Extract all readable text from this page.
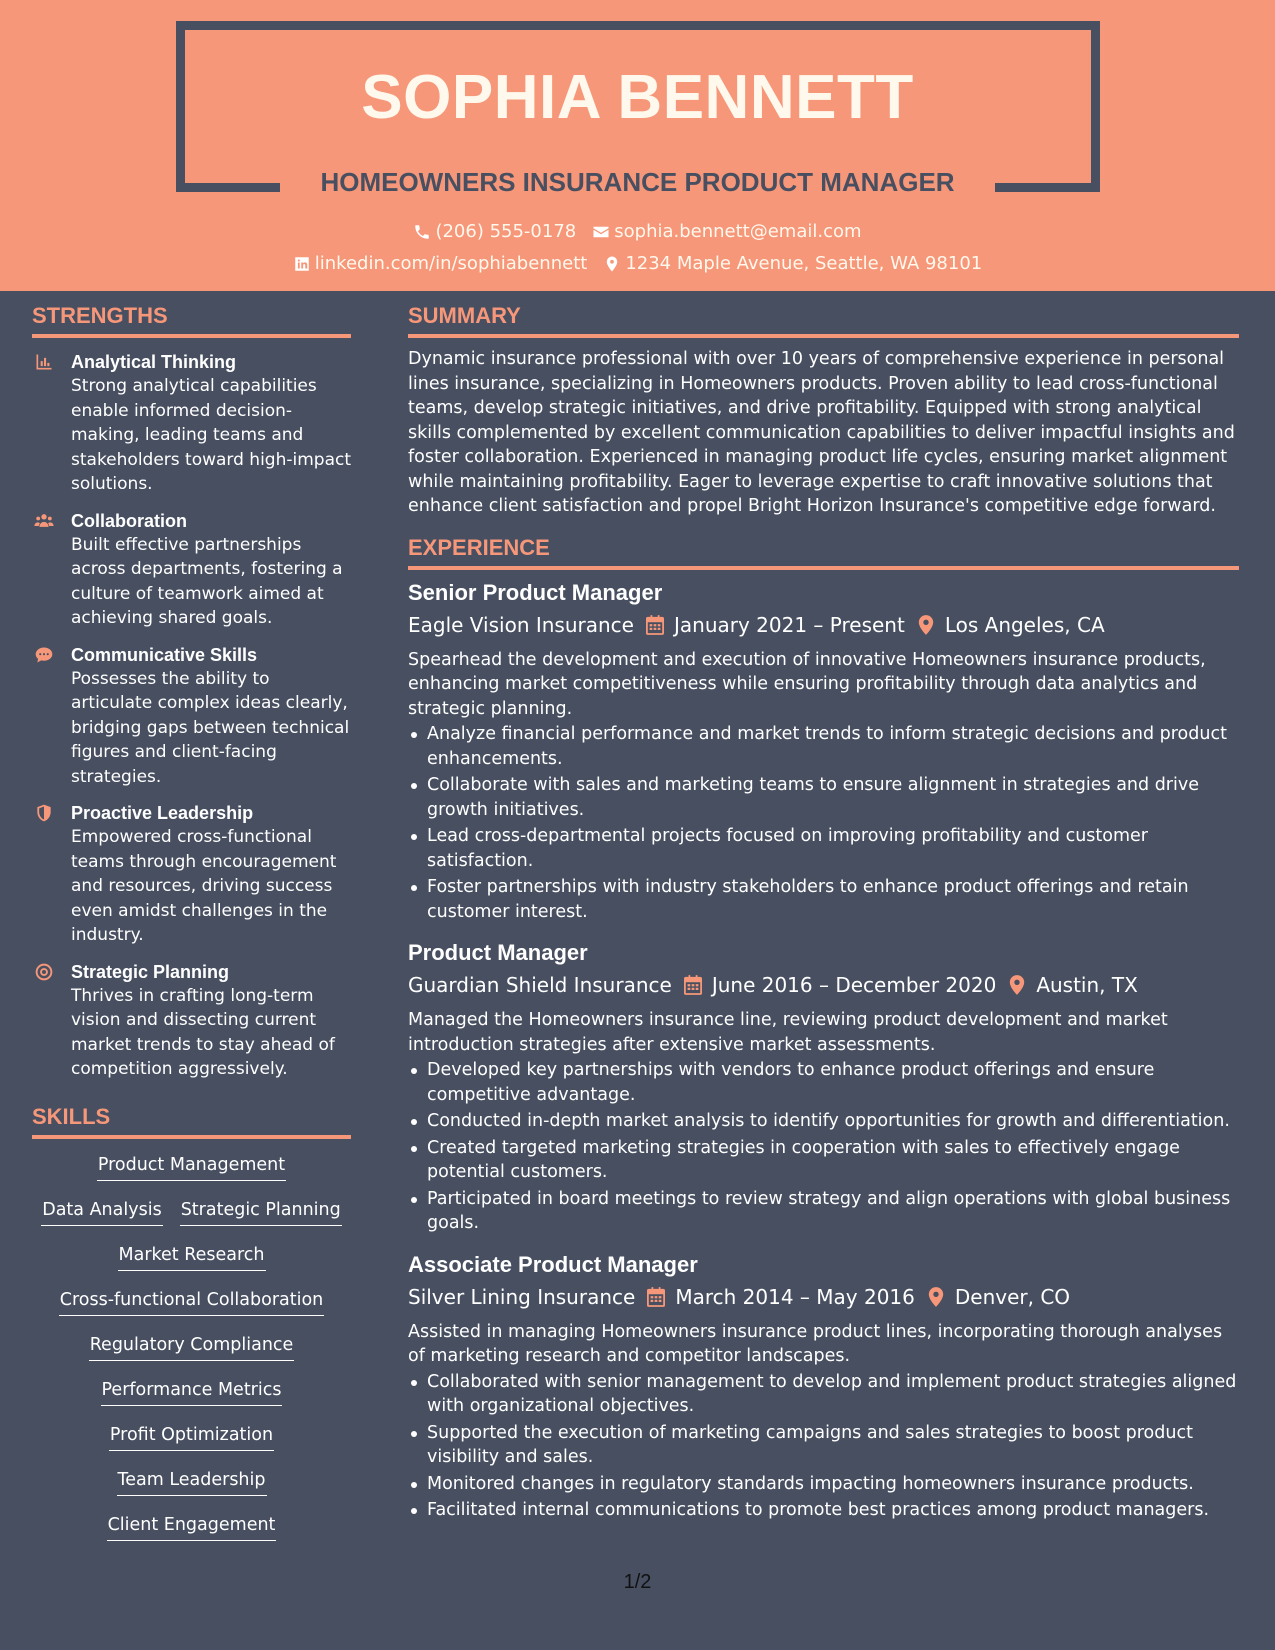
SOPHIA BENNETT
HOMEOWNERS INSURANCE PRODUCT MANAGER
(206) 555-0178 sophia.bennett@email.com
linkedin.com/in/sophiabennett 1234 Maple Avenue, Seattle, WA 98101
STRENGTHS
Analytical Thinking
Strong analytical capabilities enable informed decision-making, leading teams and stakeholders toward high-impact solutions.
Collaboration
Built effective partnerships across departments, fostering a culture of teamwork aimed at achieving shared goals.
Communicative Skills
Possesses the ability to articulate complex ideas clearly, bridging gaps between technical figures and client-facing strategies.
Proactive Leadership
Empowered cross-functional teams through encouragement and resources, driving success even amidst challenges in the industry.
Strategic Planning
Thrives in crafting long-term vision and dissecting current market trends to stay ahead of competition aggressively.
SKILLS
Product Management
Data Analysis Strategic Planning
Market Research
Cross-functional Collaboration
Regulatory Compliance
Performance Metrics
Profit Optimization
Team Leadership
Client Engagement
SUMMARY
Dynamic insurance professional with over 10 years of comprehensive experience in personal lines insurance, specializing in Homeowners products. Proven ability to lead cross-functional teams, develop strategic initiatives, and drive profitability. Equipped with strong analytical skills complemented by excellent communication capabilities to deliver impactful insights and foster collaboration. Experienced in managing product life cycles, ensuring market alignment while maintaining profitability. Eager to leverage expertise to craft innovative solutions that enhance client satisfaction and propel Bright Horizon Insurance's competitive edge forward.
EXPERIENCE
Senior Product Manager
Eagle Vision Insurance January 2021 – Present Los Angeles, CA
Spearhead the development and execution of innovative Homeowners insurance products, enhancing market competitiveness while ensuring profitability through data analytics and strategic planning.
Analyze financial performance and market trends to inform strategic decisions and product enhancements.
Collaborate with sales and marketing teams to ensure alignment in strategies and drive growth initiatives.
Lead cross-departmental projects focused on improving profitability and customer satisfaction.
Foster partnerships with industry stakeholders to enhance product offerings and retain customer interest.
Product Manager
Guardian Shield Insurance June 2016 – December 2020 Austin, TX
Managed the Homeowners insurance line, reviewing product development and market introduction strategies after extensive market assessments.
Developed key partnerships with vendors to enhance product offerings and ensure competitive advantage.
Conducted in-depth market analysis to identify opportunities for growth and differentiation.
Created targeted marketing strategies in cooperation with sales to effectively engage potential customers.
Participated in board meetings to review strategy and align operations with global business goals.
Associate Product Manager
Silver Lining Insurance March 2014 – May 2016 Denver, CO
Assisted in managing Homeowners insurance product lines, incorporating thorough analyses of marketing research and competitor landscapes.
Collaborated with senior management to develop and implement product strategies aligned with organizational objectives.
Supported the execution of marketing campaigns and sales strategies to boost product visibility and sales.
Monitored changes in regulatory standards impacting homeowners insurance products.
Facilitated internal communications to promote best practices among product managers.
1/2
